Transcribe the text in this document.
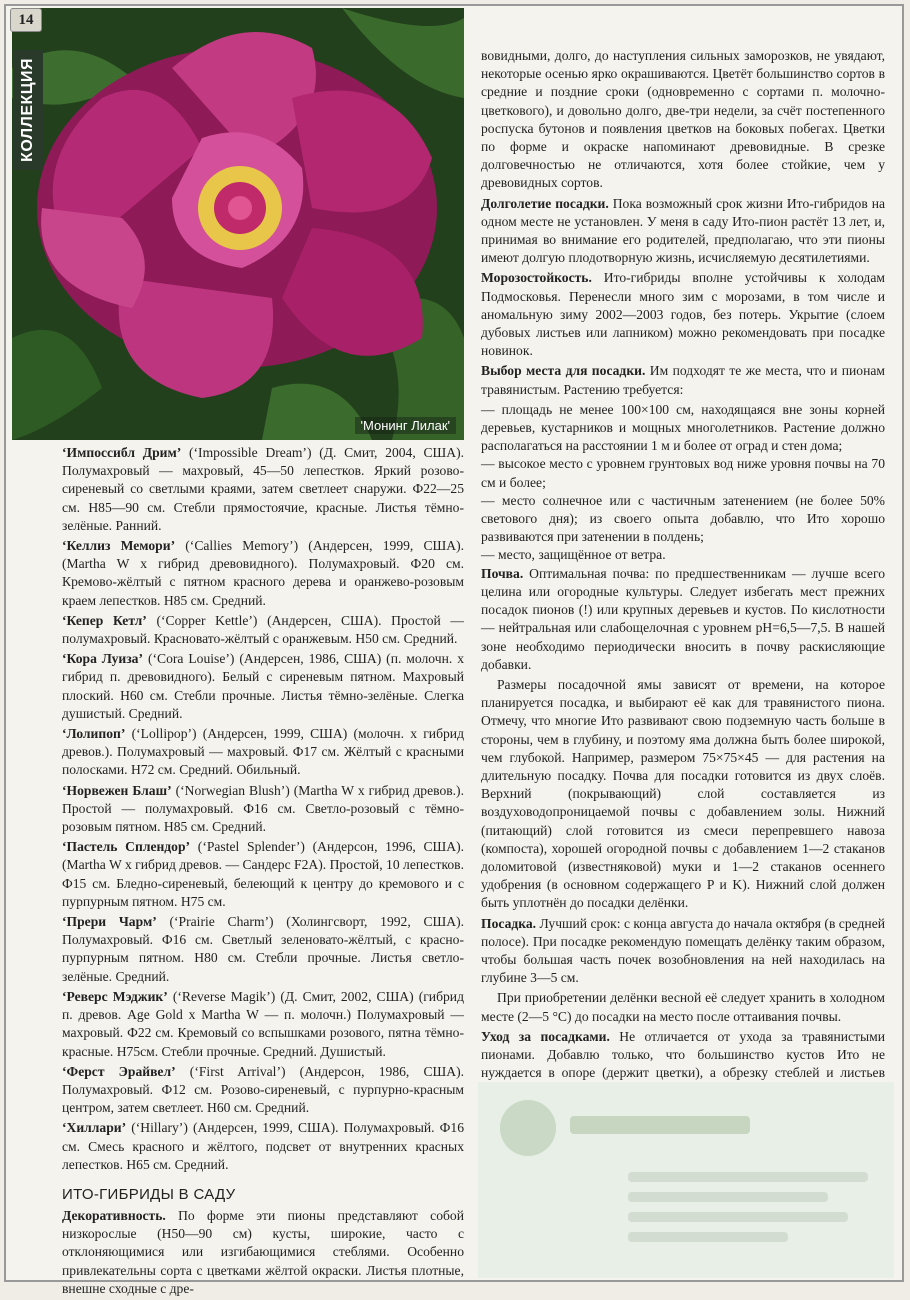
'Монинг Лилак'
14
КОЛЛЕКЦИЯ

‘Импоссибл Дрим’ (‘Impossible Dream’) (Д. Смит, 2004, США). Полумахровый — махровый, 45—50 лепестков. Яркий розово-сиреневый со светлыми краями, затем светлеет снаружи. Ф22—25 см. Н85—90 см. Стебли прямостоячие, красные. Листья тёмно-зелёные. Ранний.

‘Келлиз Мемори’ (‘Callies Memory’) (Андерсен, 1999, США). (Martha W x гибрид древовидного). Полумахровый. Ф20 см. Кремово-жёлтый с пятном красного дерева и оранжево-розовым краем лепестков. Н85 см. Средний.

‘Кепер Кетл’ (‘Copper Kettle’) (Андерсен, США). Простой — полумахровый. Красновато-жёлтый с оранжевым. Н50 см. Средний.

‘Кора Луиза’ (‘Cora Louise’) (Андерсен, 1986, США) (п. молочн. x гибрид п. древовидного). Белый с сиреневым пятном. Махровый плоский. Н60 см. Стебли прочные. Листья тёмно-зелёные. Слегка душистый. Средний.

‘Лолипоп’ (‘Lollipop’) (Андерсен, 1999, США) (молочн. x гибрид древов.). Полумахровый — махровый. Ф17 см. Жёлтый с красными полосками. Н72 см. Средний. Обильный.

‘Норвежен Блаш’ (‘Norwegian Blush’) (Martha W x гибрид древов.). Простой — полумахровый. Ф16 см. Светло-розовый с тёмно-розовым пятном. Н85 см. Средний.

‘Пастель Сплендор’ (‘Pastel Splender’) (Андерсон, 1996, США). (Martha W x гибрид древов. — Сандерс F2A). Простой, 10 лепестков. Ф15 см. Бледно-сиреневый, белеющий к центру до кремового и с пурпурным пятном. Н75 см.

‘Прери Чарм’ (‘Prairie Charm’) (Холингсворт, 1992, США). Полумахровый. Ф16 см. Светлый зеленовато-жёлтый, с красно-пурпурным пятном. Н80 см. Стебли прочные. Листья светло-зелёные. Средний.

‘Реверс Мэджик’ (‘Reverse Magik’) (Д. Смит, 2002, США) (гибрид п. древов. Age Gold x Martha W — п. молочн.) Полумахровый — махровый. Ф22 см. Кремовый со вспышками розового, пятна тёмно-красные. Н75см. Стебли прочные. Средний. Душистый.

‘Ферст Эрайвел’ (‘First Arrival’) (Андерсон, 1986, США). Полумахровый. Ф12 см. Розово-сиреневый, с пурпурно-красным центром, затем светлеет. Н60 см. Средний.

‘Хиллари’ (‘Hillary’) (Андерсен, 1999, США). Полумахровый. Ф16 см. Смесь красного и жёлтого, подсвет от внутренних красных лепестков. Н65 см. Средний.

ИТО-ГИБРИДЫ В САДУ

Декоративность. По форме эти пионы представляют собой низкорослые (Н50—90 см) кусты, широкие, часто с отклоняющимися или изгибающимися стеблями. Особенно привлекательны сорта с цветками жёлтой окраски. Листья плотные, внешне сходные с дре-

вовидными, долго, до наступления сильных заморозков, не увядают, некоторые осенью ярко окрашиваются. Цветёт большинство сортов в средние и поздние сроки (одновременно с сортами п. молочно-цветкового), и довольно долго, две-три недели, за счёт постепенного роспуска бутонов и появления цветков на боковых побегах. Цветки по форме и окраске напоминают древовидные. В срезке долговечностью не отличаются, хотя более стойкие, чем у древовидных сортов.

Долголетие посадки. Пока возможный срок жизни Ито-гибридов на одном месте не установлен. У меня в саду Ито-пион растёт 13 лет, и, принимая во внимание его родителей, предполагаю, что эти пионы имеют долгую плодотворную жизнь, исчисляемую десятилетиями.

Морозостойкость. Ито-гибриды вполне устойчивы к холодам Подмосковья. Перенесли много зим с морозами, в том числе и аномальную зиму 2002—2003 годов, без потерь. Укрытие (слоем дубовых листьев или лапником) можно рекомендовать при посадке новинок.

Выбор места для посадки. Им подходят те же места, что и пионам травянистым. Растению требуется:

— площадь не менее 100×100 см, находящаяся вне зоны корней деревьев, кустарников и мощных многолетников. Растение должно располагаться на расстоянии 1 м и более от оград и стен дома;

— высокое место с уровнем грунтовых вод ниже уровня почвы на 70 см и более;

— место солнечное или с частичным затенением (не более 50% светового дня); из своего опыта добавлю, что Ито хорошо развиваются при затенении в полдень;

— место, защищённое от ветра.

Почва. Оптимальная почва: по предшественникам — лучше всего целина или огородные культуры. Следует избегать мест прежних посадок пионов (!) или крупных деревьев и кустов. По кислотности — нейтральная или слабощелочная с уровнем pH=6,5—7,5. В нашей зоне необходимо периодически вносить в почву раскисляющие добавки.

Размеры посадочной ямы зависят от времени, на которое планируется посадка, и выбирают её как для травянистого пиона. Отмечу, что многие Ито развивают свою подземную часть больше в стороны, чем в глубину, и поэтому яма должна быть более широкой, чем глубокой. Например, размером 75×75×45 — для растения на длительную посадку. Почва для посадки готовится из двух слоёв. Верхний (покрывающий) слой составляется из воздуховодопроницаемой почвы с добавлением золы. Нижний (питающий) слой готовится из смеси перепревшего навоза (компоста), хорошей огородной почвы с добавлением 1—2 стаканов доломитовой (известняковой) муки и 1—2 стаканов осеннего удобрения (в основном содержащего P и K). Нижний слой должен быть уплотнён до посадки делёнки.

Посадка. Лучший срок: с конца августа до начала октября (в средней полосе). При посадке рекомендую помещать делёнку таким образом, чтобы большая часть почек возобновления на ней находилась на глубине 3—5 см.

При приобретении делёнки весной её следует хранить в холодном месте (2—5 °С) до посадки на место после оттаивания почвы.

Уход за посадками. Не отличается от ухода за травянистыми пионами. Добавлю только, что большинство кустов Ито не нуждается в опоре (держит цветки), а обрезку стеблей и листьев
